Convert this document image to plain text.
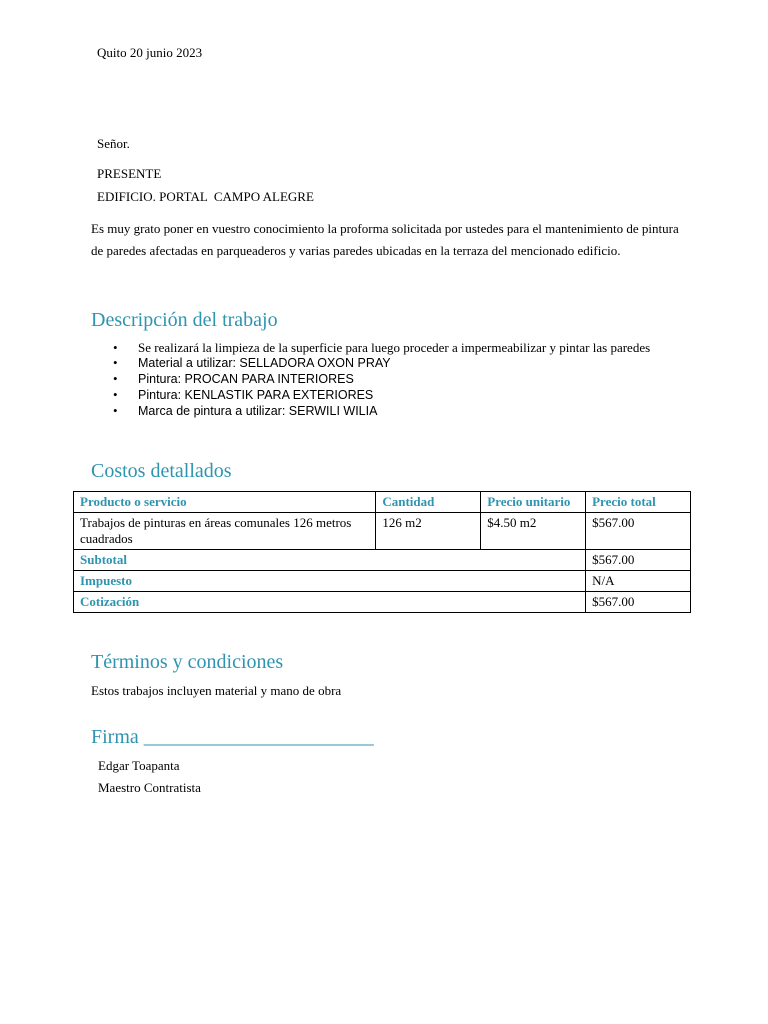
Quito 20 junio 2023
Señor.
PRESENTE
EDIFICIO. PORTAL  CAMPO ALEGRE
Es muy grato poner en vuestro conocimiento la proforma solicitada por ustedes para el mantenimiento de pintura de paredes afectadas en parqueaderos y varias paredes ubicadas en la terraza del mencionado edificio.
Descripción del trabajo
• Se realizará la limpieza de la superficie para luego proceder a impermeabilizar y pintar las paredes
• Material a utilizar: SELLADORA OXON PRAY
• Pintura: PROCAN PARA INTERIORES
• Pintura: KENLASTIK PARA EXTERIORES
• Marca de pintura a utilizar: SERWILI WILIA
Costos detallados
Producto o servicio	Cantidad	Precio unitario	Precio total
Trabajos de pinturas en áreas comunales 126 metros cuadrados	126 m2	$4.50 m2	$567.00
Subtotal			$567.00
Impuesto			N/A
Cotización			$567.00
Términos y condiciones
Estos trabajos incluyen material y mano de obra
Firma _______________________
Edgar Toapanta
Maestro Contratista
